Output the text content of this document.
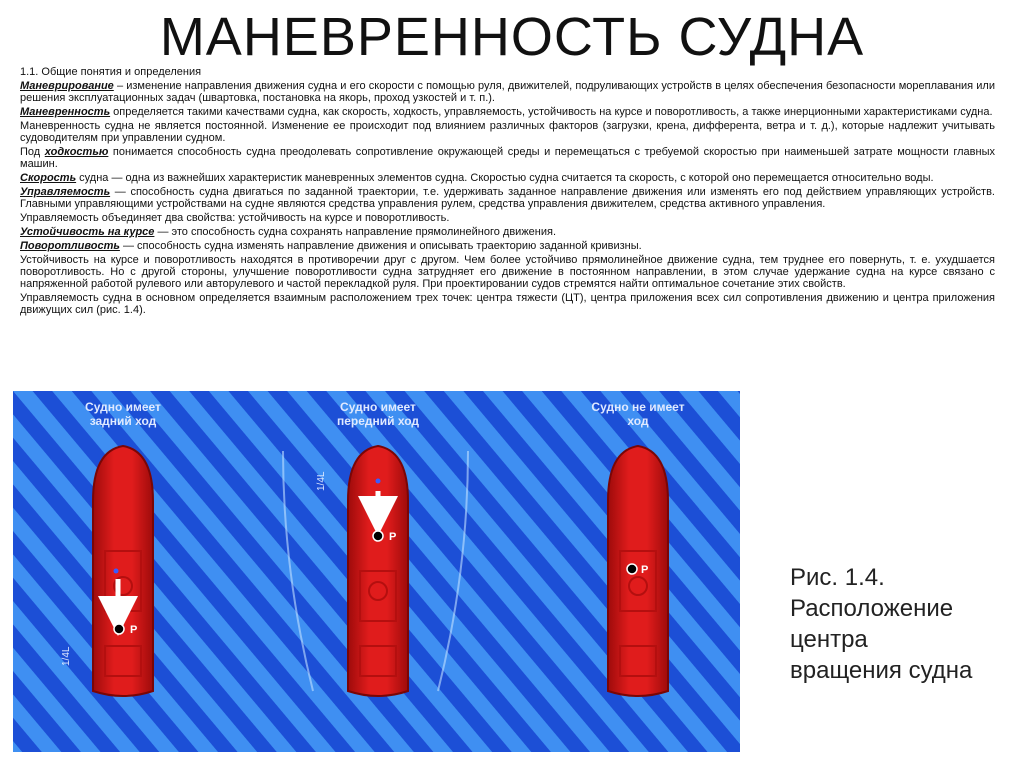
МАНЕВРЕННОСТЬ СУДНА

1.1. Общие понятия и определения

Маневрирование – изменение направления движения судна и его скорости с помощью руля, движителей, подруливающих устройств в целях обеспечения безопасности мореплавания или решения эксплуатационных задач (швартовка, постановка на якорь, проход узкостей и т. п.).

Маневренность определяется такими качествами судна, как скорость, ходкость, управляемость, устойчивость на курсе и поворотливость, а также инерционными характеристиками судна.

Маневренность судна не является постоянной. Изменение ее происходит под влиянием различных факторов (загрузки, крена, дифферента, ветра и т. д.), которые надлежит учитывать судоводителям при управлении судном.

Под ходкостью понимается способность судна преодолевать сопротивление окружающей среды и перемещаться с требуемой скоростью при наименьшей затрате мощности главных машин.

Скорость судна — одна из важнейших характеристик маневренных элементов судна. Скоростью судна считается та скорость, с которой оно перемещается относительно воды.

Управляемость — способность судна двигаться по заданной траектории, т.е. удерживать заданное направление движения или изменять его под действием управляющих устройств. Главными управляющими устройствами на судне являются средства управления рулем, средства управления движителем, средства активного управления.

Управляемость объединяет два свойства: устойчивость на курсе и поворотливость.

Устойчивость на курсе — это способность судна сохранять направление прямолинейного движения.

Поворотливость — способность судна изменять направление движения и описывать траекторию заданной кривизны.

Устойчивость на курсе и поворотливость находятся в противоречии друг с другом. Чем более устойчиво прямолинейное движение судна, тем труднее его повернуть, т. е. ухудшается поворотливость. Но с другой стороны, улучшение поворотливости судна затрудняет его движение в постоянном направлении, в этом случае удержание судна на курсе связано с напряженной работой рулевого или авторулевого и частой перекладкой руля. При проектировании судов стремятся найти оптимальное сочетание этих свойств.

Управляемость судна в основном определяется взаимным расположением трех точек: центра тяжести (ЦТ), центра приложения всех сил сопротивления движению и центра приложения движущих сил (рис. 1.4).

Судно имеет
задний ход
P
1/4L
Судно имеет
передний ход
P
1/4L
Судно не имеет
ход
P	Рис. 1.4.
Расположение
центра
вращения судна
